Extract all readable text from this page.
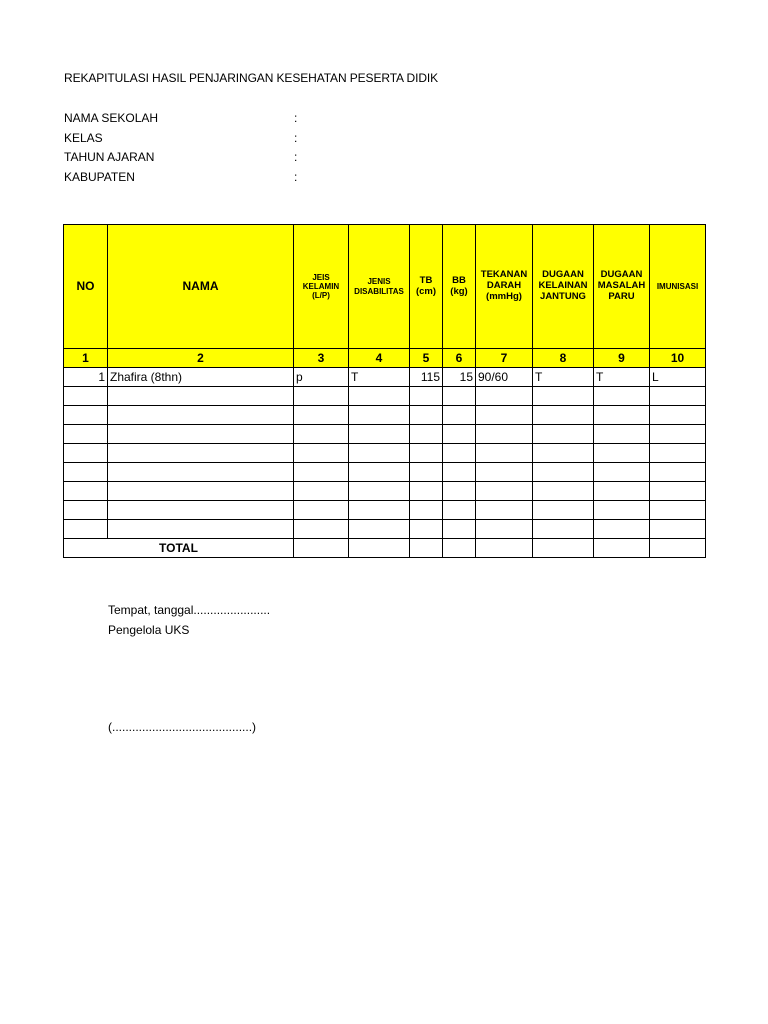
REKAPITULASI HASIL PENJARINGAN KESEHATAN PESERTA DIDIK
NAMA SEKOLAH	:
KELAS	:
TAHUN AJARAN	:
KABUPATEN	:
NO	NAMA	JEIS KELAMIN (L/P)	JENIS DISABILITAS	TB (cm)	BB (kg)	TEKANAN DARAH (mmHg)	DUGAAN KELAINAN JANTUNG	DUGAAN MASALAH PARU	IMUNISASI
1	2	3	4	5	6	7	8	9	10
1	Zhafira (8thn)	p	T	115	15	90/60	T	T	L

TOTAL									
Tempat, tanggal.......................
Pengelola UKS
(..........................................)
